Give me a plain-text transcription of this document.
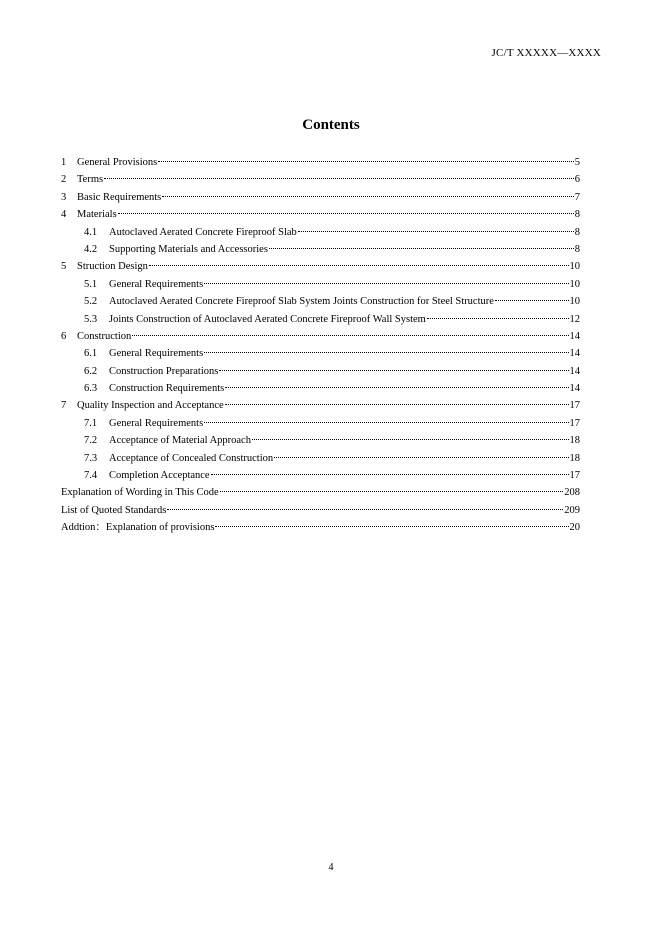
JC/T XXXXX—XXXX
Contents
1	General Provisions	5
2	Terms	6
3	Basic Requirements	7
4	Materials	8
4.1	Autoclaved Aerated Concrete Fireproof Slab	8
4.2	Supporting Materials and Accessories	8
5	Struction Design	10
5.1	General Requirements	10
5.2	Autoclaved Aerated Concrete Fireproof Slab System Joints Construction for Steel Structure	10
5.3	Joints Construction of Autoclaved Aerated Concrete Fireproof Wall System	12
6	Construction	14
6.1	General Requirements	14
6.2	Construction Preparations	14
6.3	Construction Requirements	14
7	Quality Inspection and Acceptance	17
7.1	General Requirements	17
7.2	Acceptance of Material Approach	18
7.3	Acceptance of Concealed Construction	18
7.4	Completion Acceptance	17
Explanation of Wording in This Code	208
List of Quoted Standards	209
Addtion：Explanation of provisions	20
4
